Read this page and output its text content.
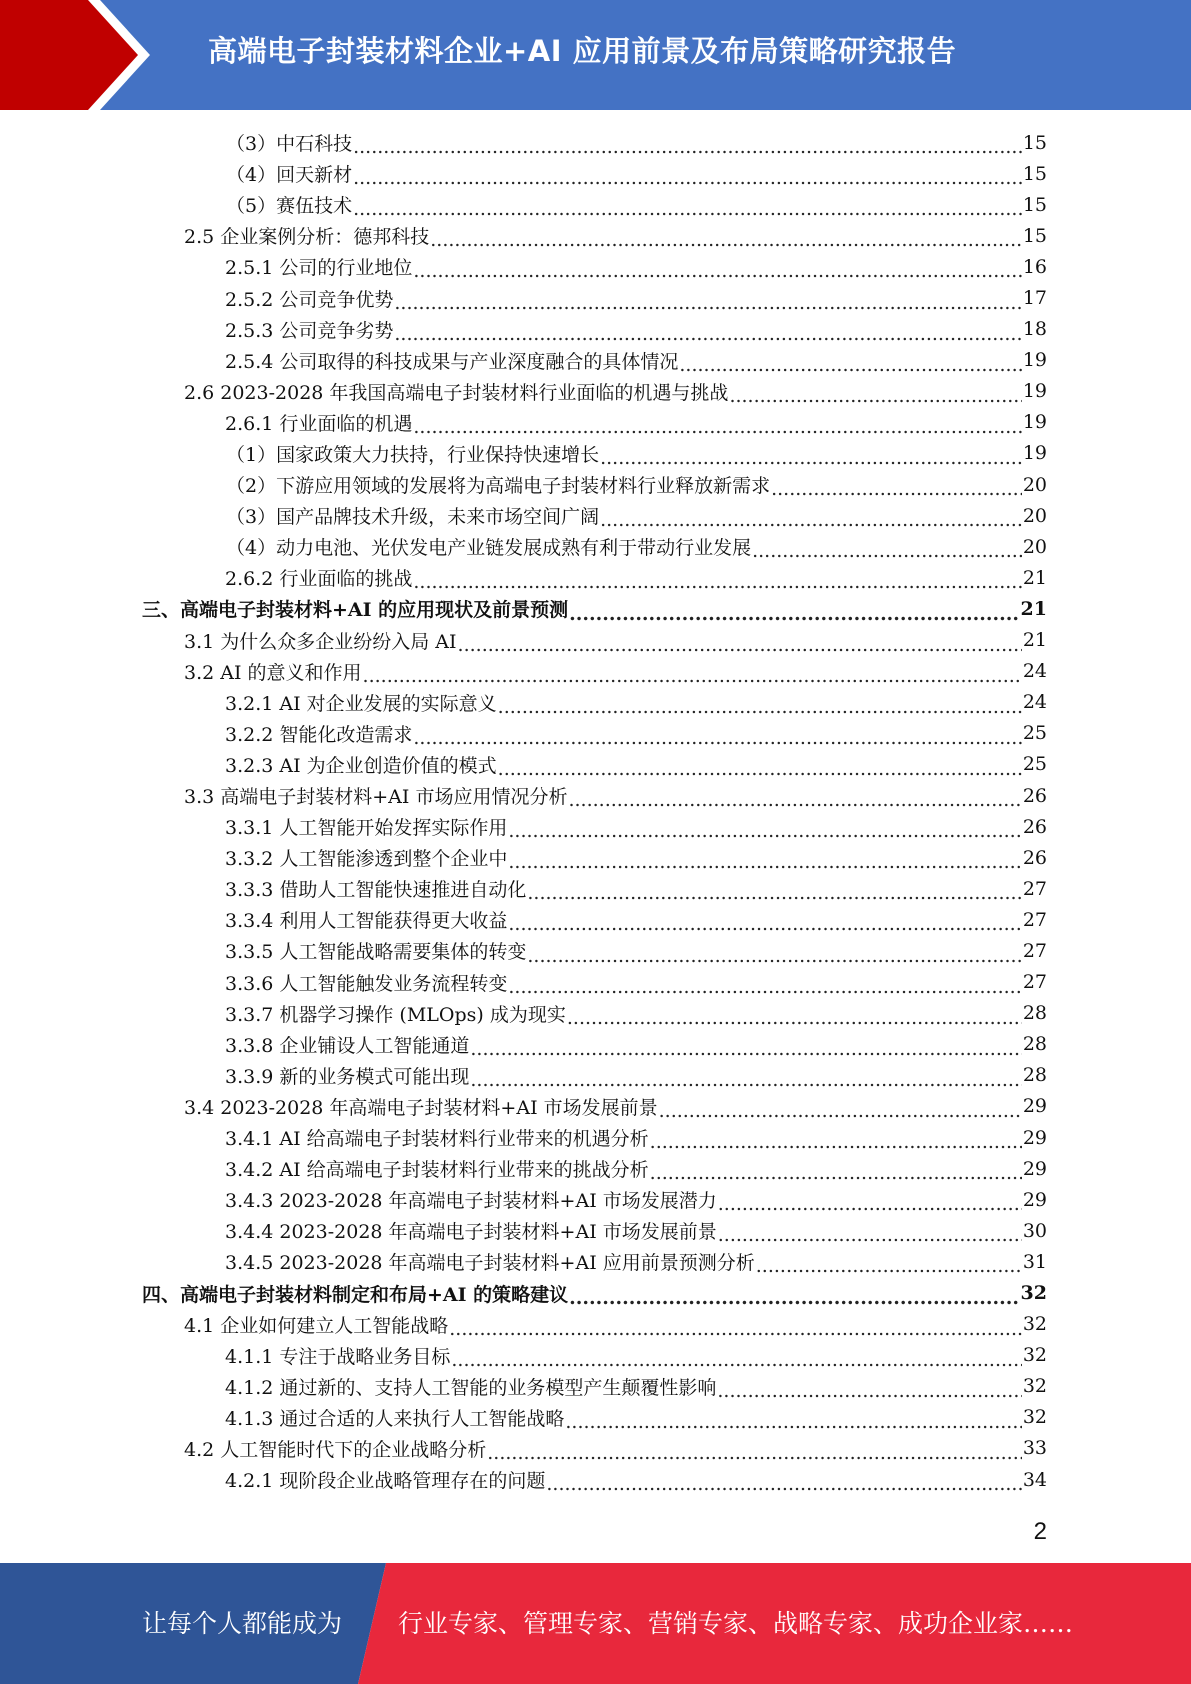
高端电子封装材料企业+AI 应用前景及布局策略研究报告
（3）中石科技 .....	15
（4）回天新材 .....	15
（5）赛伍技术 .....	15
2.5 企业案例分析：德邦科技 .....	15
2.5.1 公司的行业地位 .....	16
2.5.2 公司竞争优势 .....	17
2.5.3 公司竞争劣势 .....	18
2.5.4 公司取得的科技成果与产业深度融合的具体情况 .....	19
2.6 2023-2028 年我国高端电子封装材料行业面临的机遇与挑战 .....	19
2.6.1 行业面临的机遇 .....	19
（1）国家政策大力扶持，行业保持快速增长 .....	19
（2）下游应用领域的发展将为高端电子封装材料行业释放新需求 .....	20
（3）国产品牌技术升级，未来市场空间广阔 .....	20
（4）动力电池、光伏发电产业链发展成熟有利于带动行业发展 .....	20
2.6.2 行业面临的挑战 .....	21
三、高端电子封装材料+AI 的应用现状及前景预测 .....	21
3.1 为什么众多企业纷纷入局 AI .....	21
3.2 AI 的意义和作用 .....	24
3.2.1 AI 对企业发展的实际意义 .....	24
3.2.2 智能化改造需求 .....	25
3.2.3 AI 为企业创造价值的模式 .....	25
3.3 高端电子封装材料+AI 市场应用情况分析 .....	26
3.3.1 人工智能开始发挥实际作用 .....	26
3.3.2 人工智能渗透到整个企业中 .....	26
3.3.3 借助人工智能快速推进自动化 .....	27
3.3.4 利用人工智能获得更大收益 .....	27
3.3.5 人工智能战略需要集体的转变 .....	27
3.3.6 人工智能触发业务流程转变 .....	27
3.3.7 机器学习操作 (MLOps) 成为现实 .....	28
3.3.8 企业铺设人工智能通道 .....	28
3.3.9 新的业务模式可能出现 .....	28
3.4 2023-2028 年高端电子封装材料+AI 市场发展前景 .....	29
3.4.1 AI 给高端电子封装材料行业带来的机遇分析 .....	29
3.4.2 AI 给高端电子封装材料行业带来的挑战分析 .....	29
3.4.3 2023-2028 年高端电子封装材料+AI 市场发展潜力 .....	29
3.4.4 2023-2028 年高端电子封装材料+AI 市场发展前景 .....	30
3.4.5 2023-2028 年高端电子封装材料+AI 应用前景预测分析 .....	31
四、高端电子封装材料制定和布局+AI 的策略建议 .....	32
4.1 企业如何建立人工智能战略 .....	32
4.1.1 专注于战略业务目标 .....	32
4.1.2 通过新的、支持人工智能的业务模型产生颠覆性影响 .....	32
4.1.3 通过合适的人来执行人工智能战略 .....	32
4.2 人工智能时代下的企业战略分析 .....	33
4.2.1 现阶段企业战略管理存在的问题 .....	34
2
让每个人都能成为 行业专家、管理专家、营销专家、战略专家、成功企业家……
